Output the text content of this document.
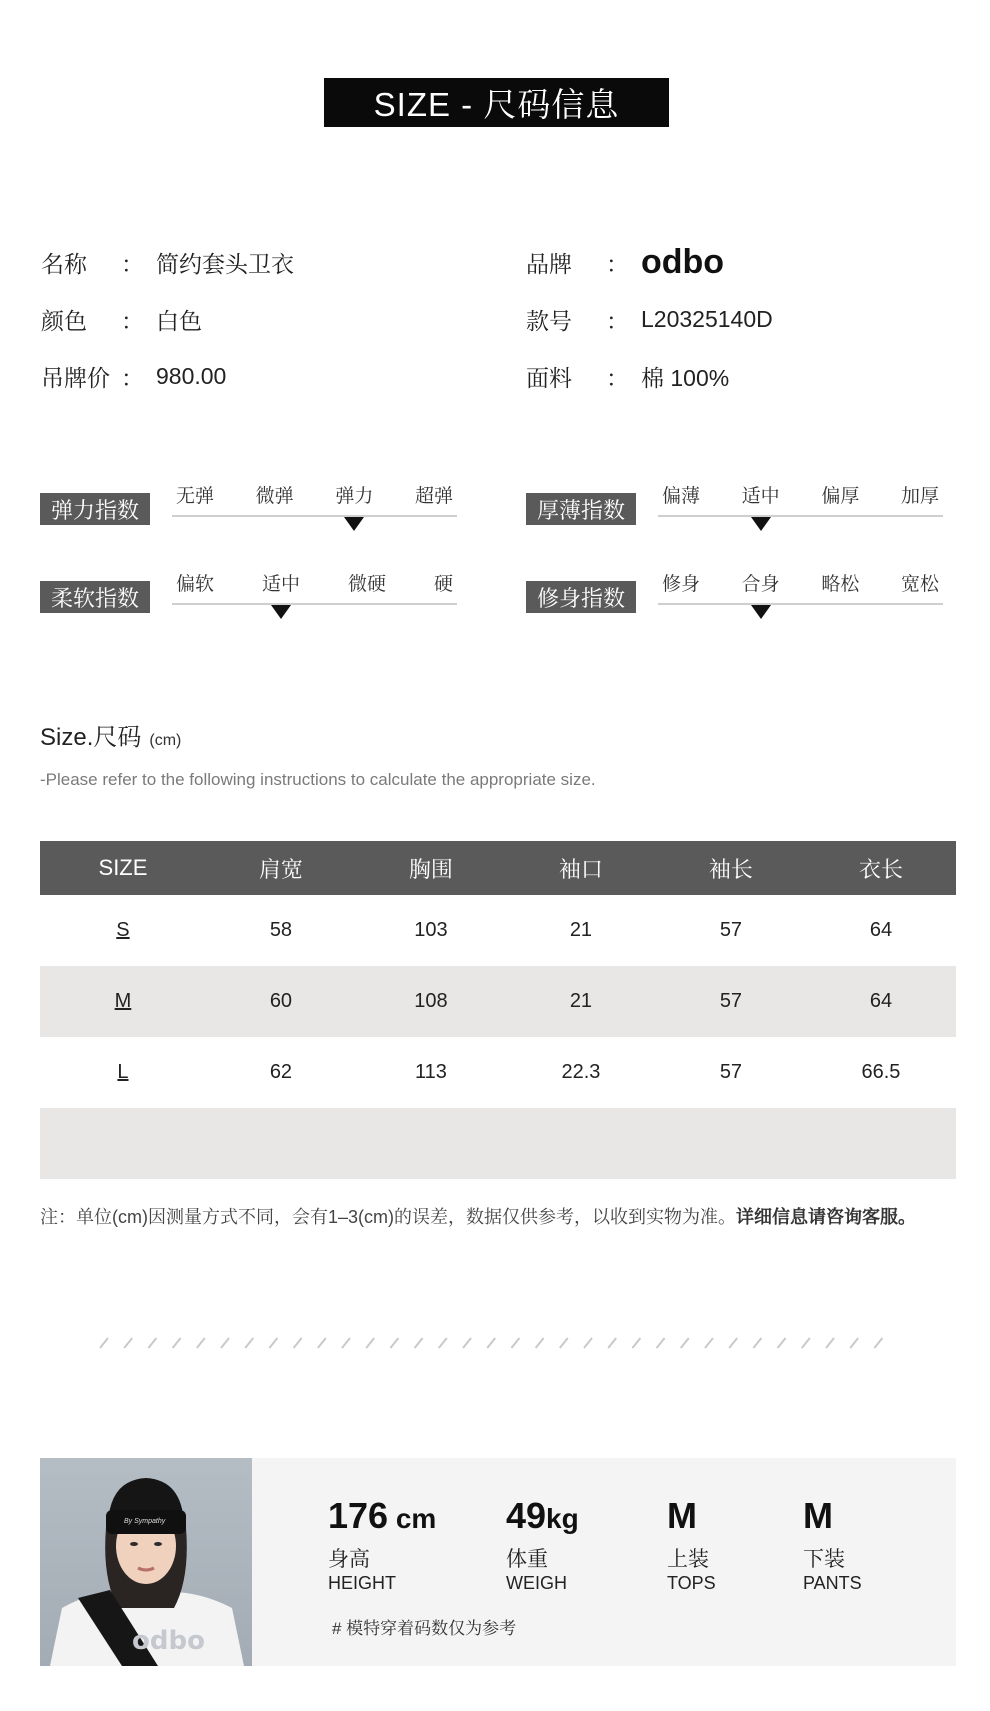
SIZE - 尺码信息
名称	： 简约套头卫衣
颜色	： 白色
吊牌价 ： 980.00
品牌	： odbo
款号	： L20325140D
面料	： 棉 100%
弹力指数
无弹 微弹 弹力 超弹
厚薄指数
偏薄 适中 偏厚 加厚
柔软指数
偏软	适中	微硬	硬
修身指数
修身 合身 略松 宽松
Size.尺码 (cm)
-Please refer to the following instructions to calculate the appropriate size.
SIZE	肩宽	胸围	袖口	袖长	衣长
S	58	103	21	57	64
M	60	108	21	57	64
L	62	113	22.3	57	66.5

注：单位(cm)因测量方式不同，会有1–3(cm)的误差，数据仅供参考，以收到实物为准。详细信息请咨询客服。
By Sympathy
odbo
176 cm
身高
HEIGHT
49kg
体重
WEIGH
M
上装
TOPS
M
下装
PANTS
# 模特穿着码数仅为参考
